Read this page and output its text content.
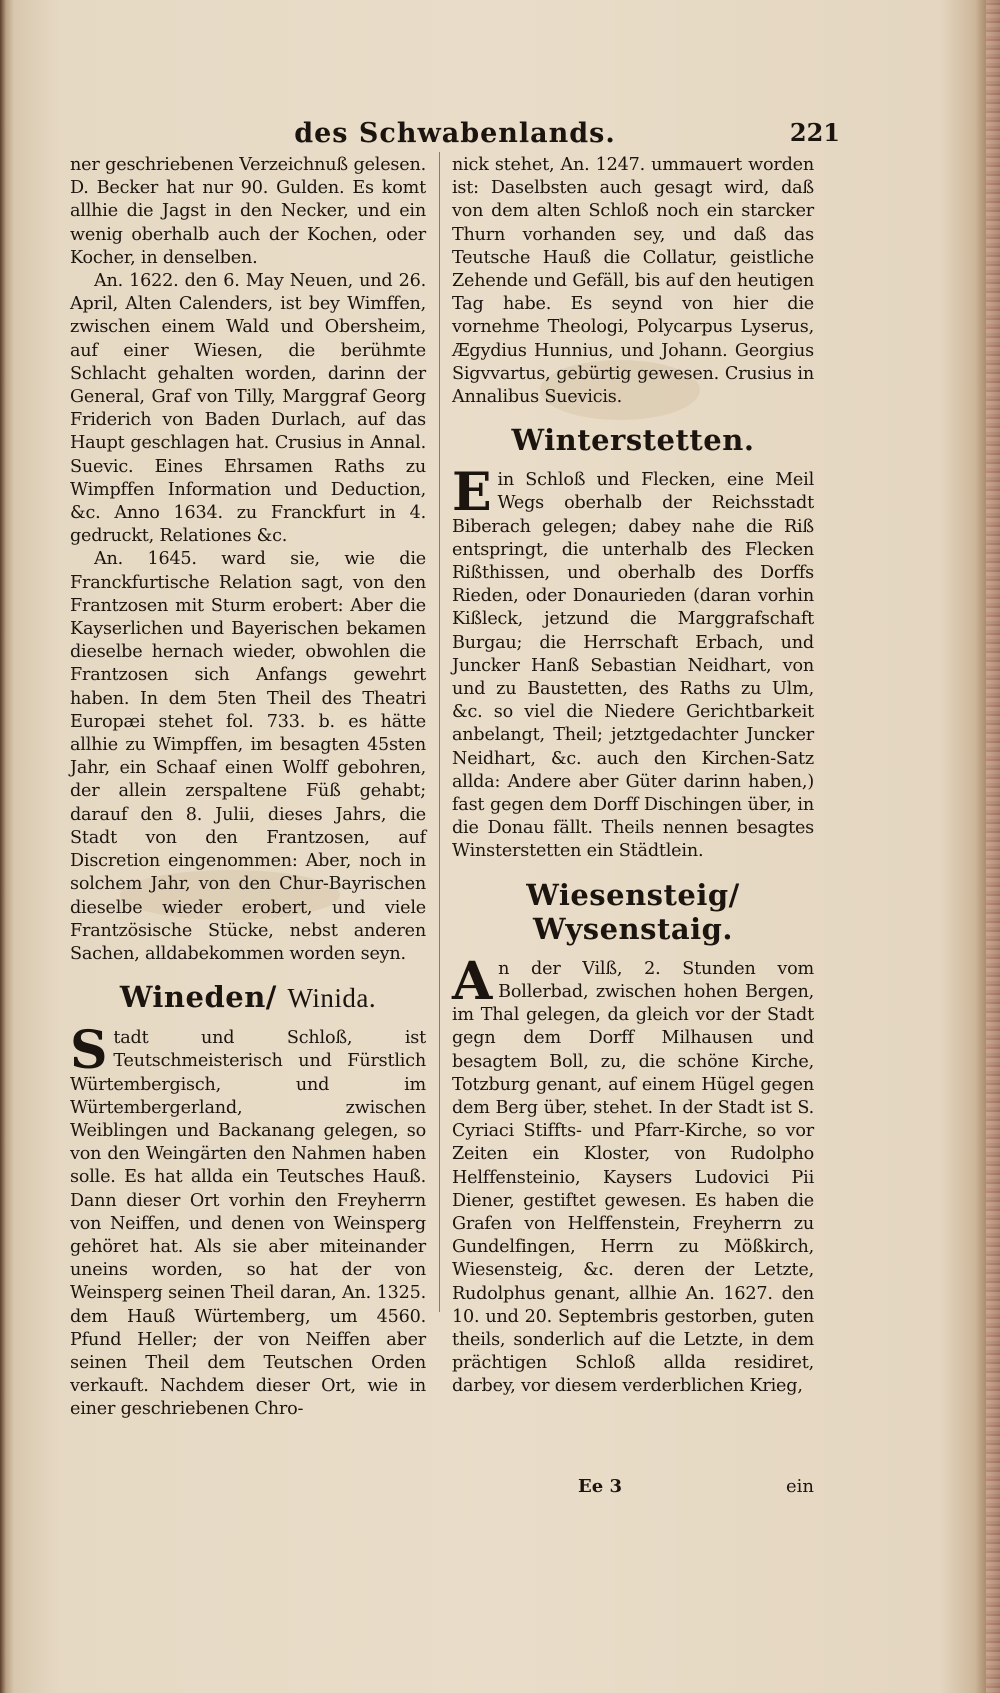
des Schwabenlands.	221

ner geschriebenen Verzeichnuß gelesen. D. Becker hat nur 90. Gulden. Es komt allhie die Jagst in den Necker, und ein wenig oberhalb auch der Kochen, oder Kocher, in denselben.

An. 1622. den 6. May Neuen, und 26. April, Alten Calenders, ist bey Wimffen, zwischen einem Wald und Obersheim, auf einer Wiesen, die berühmte Schlacht gehalten worden, darinn der General, Graf von Tilly, Marggraf Georg Friderich von Baden Durlach, auf das Haupt geschlagen hat. Crusius in Annal. Suevic. Eines Ehrsamen Raths zu Wimpffen Information und Deduction, &c. Anno 1634. zu Franckfurt in 4. gedruckt, Relationes &c.

An. 1645. ward sie, wie die Franckfurtische Relation sagt, von den Frantzosen mit Sturm erobert: Aber die Kayserlichen und Bayerischen bekamen dieselbe hernach wieder, obwohlen die Frantzosen sich Anfangs gewehrt haben. In dem 5ten Theil des Theatri Europæi stehet fol. 733. b. es hätte allhie zu Wimpffen, im besagten 45sten Jahr, ein Schaaf einen Wolff gebohren, der allein zerspaltene Füß gehabt; darauf den 8. Julii, dieses Jahrs, die Stadt von den Frantzosen, auf Discretion eingenommen: Aber, noch in solchem Jahr, von den Chur-Bayrischen dieselbe wieder erobert, und viele Frantzösische Stücke, nebst anderen Sachen, alldabekommen worden seyn.

Wineden/ Winida.

Stadt und Schloß, ist Teutschmeisterisch und Fürstlich Würtembergisch, und im Würtembergerland, zwischen Weiblingen und Backanang gelegen, so von den Weingärten den Nahmen haben solle. Es hat allda ein Teutsches Hauß. Dann dieser Ort vorhin den Freyherrn von Neiffen, und denen von Weinsperg gehöret hat. Als sie aber miteinander uneins worden, so hat der von Weinsperg seinen Theil daran, An. 1325. dem Hauß Würtemberg, um 4560. Pfund Heller; der von Neiffen aber seinen Theil dem Teutschen Orden verkauft. Nachdem dieser Ort, wie in einer geschriebenen Chro-

nick stehet, An. 1247. ummauert worden ist: Daselbsten auch gesagt wird, daß von dem alten Schloß noch ein starcker Thurn vorhanden sey, und daß das Teutsche Hauß die Collatur, geistliche Zehende und Gefäll, bis auf den heutigen Tag habe. Es seynd von hier die vornehme Theologi, Polycarpus Lyserus, Ægydius Hunnius, und Johann. Georgius Sigvvartus, gebürtig gewesen. Crusius in Annalibus Suevicis.

Winterstetten.

Ein Schloß und Flecken, eine Meil Wegs oberhalb der Reichsstadt Biberach gelegen; dabey nahe die Riß entspringt, die unterhalb des Flecken Rißthissen, und oberhalb des Dorffs Rieden, oder Donaurieden (daran vorhin Kißleck, jetzund die Marggrafschaft Burgau; die Herrschaft Erbach, und Juncker Hanß Sebastian Neidhart, von und zu Baustetten, des Raths zu Ulm, &c. so viel die Niedere Gerichtbarkeit anbelangt, Theil; jetztgedachter Juncker Neidhart, &c. auch den Kirchen-Satz allda: Andere aber Güter darinn haben,) fast gegen dem Dorff Dischingen über, in die Donau fällt. Theils nennen besagtes Winsterstetten ein Städtlein.

Wiesensteig/ Wysenstaig.

An der Vilß, 2. Stunden vom Bollerbad, zwischen hohen Bergen, im Thal gelegen, da gleich vor der Stadt gegn dem Dorff Milhausen und besagtem Boll, zu, die schöne Kirche, Totzburg genant, auf einem Hügel gegen dem Berg über, stehet. In der Stadt ist S. Cyriaci Stiffts- und Pfarr-Kirche, so vor Zeiten ein Kloster, von Rudolpho Helffensteinio, Kaysers Ludovici Pii Diener, gestiftet gewesen. Es haben die Grafen von Helffenstein, Freyherrn zu Gundelfingen, Herrn zu Mößkirch, Wiesensteig, &c. deren der Letzte, Rudolphus genant, allhie An. 1627. den 10. und 20. Septembris gestorben, guten theils, sonderlich auf die Letzte, in dem prächtigen Schloß allda residiret, darbey, vor diesem verderblichen Krieg,

Ee 3	ein
